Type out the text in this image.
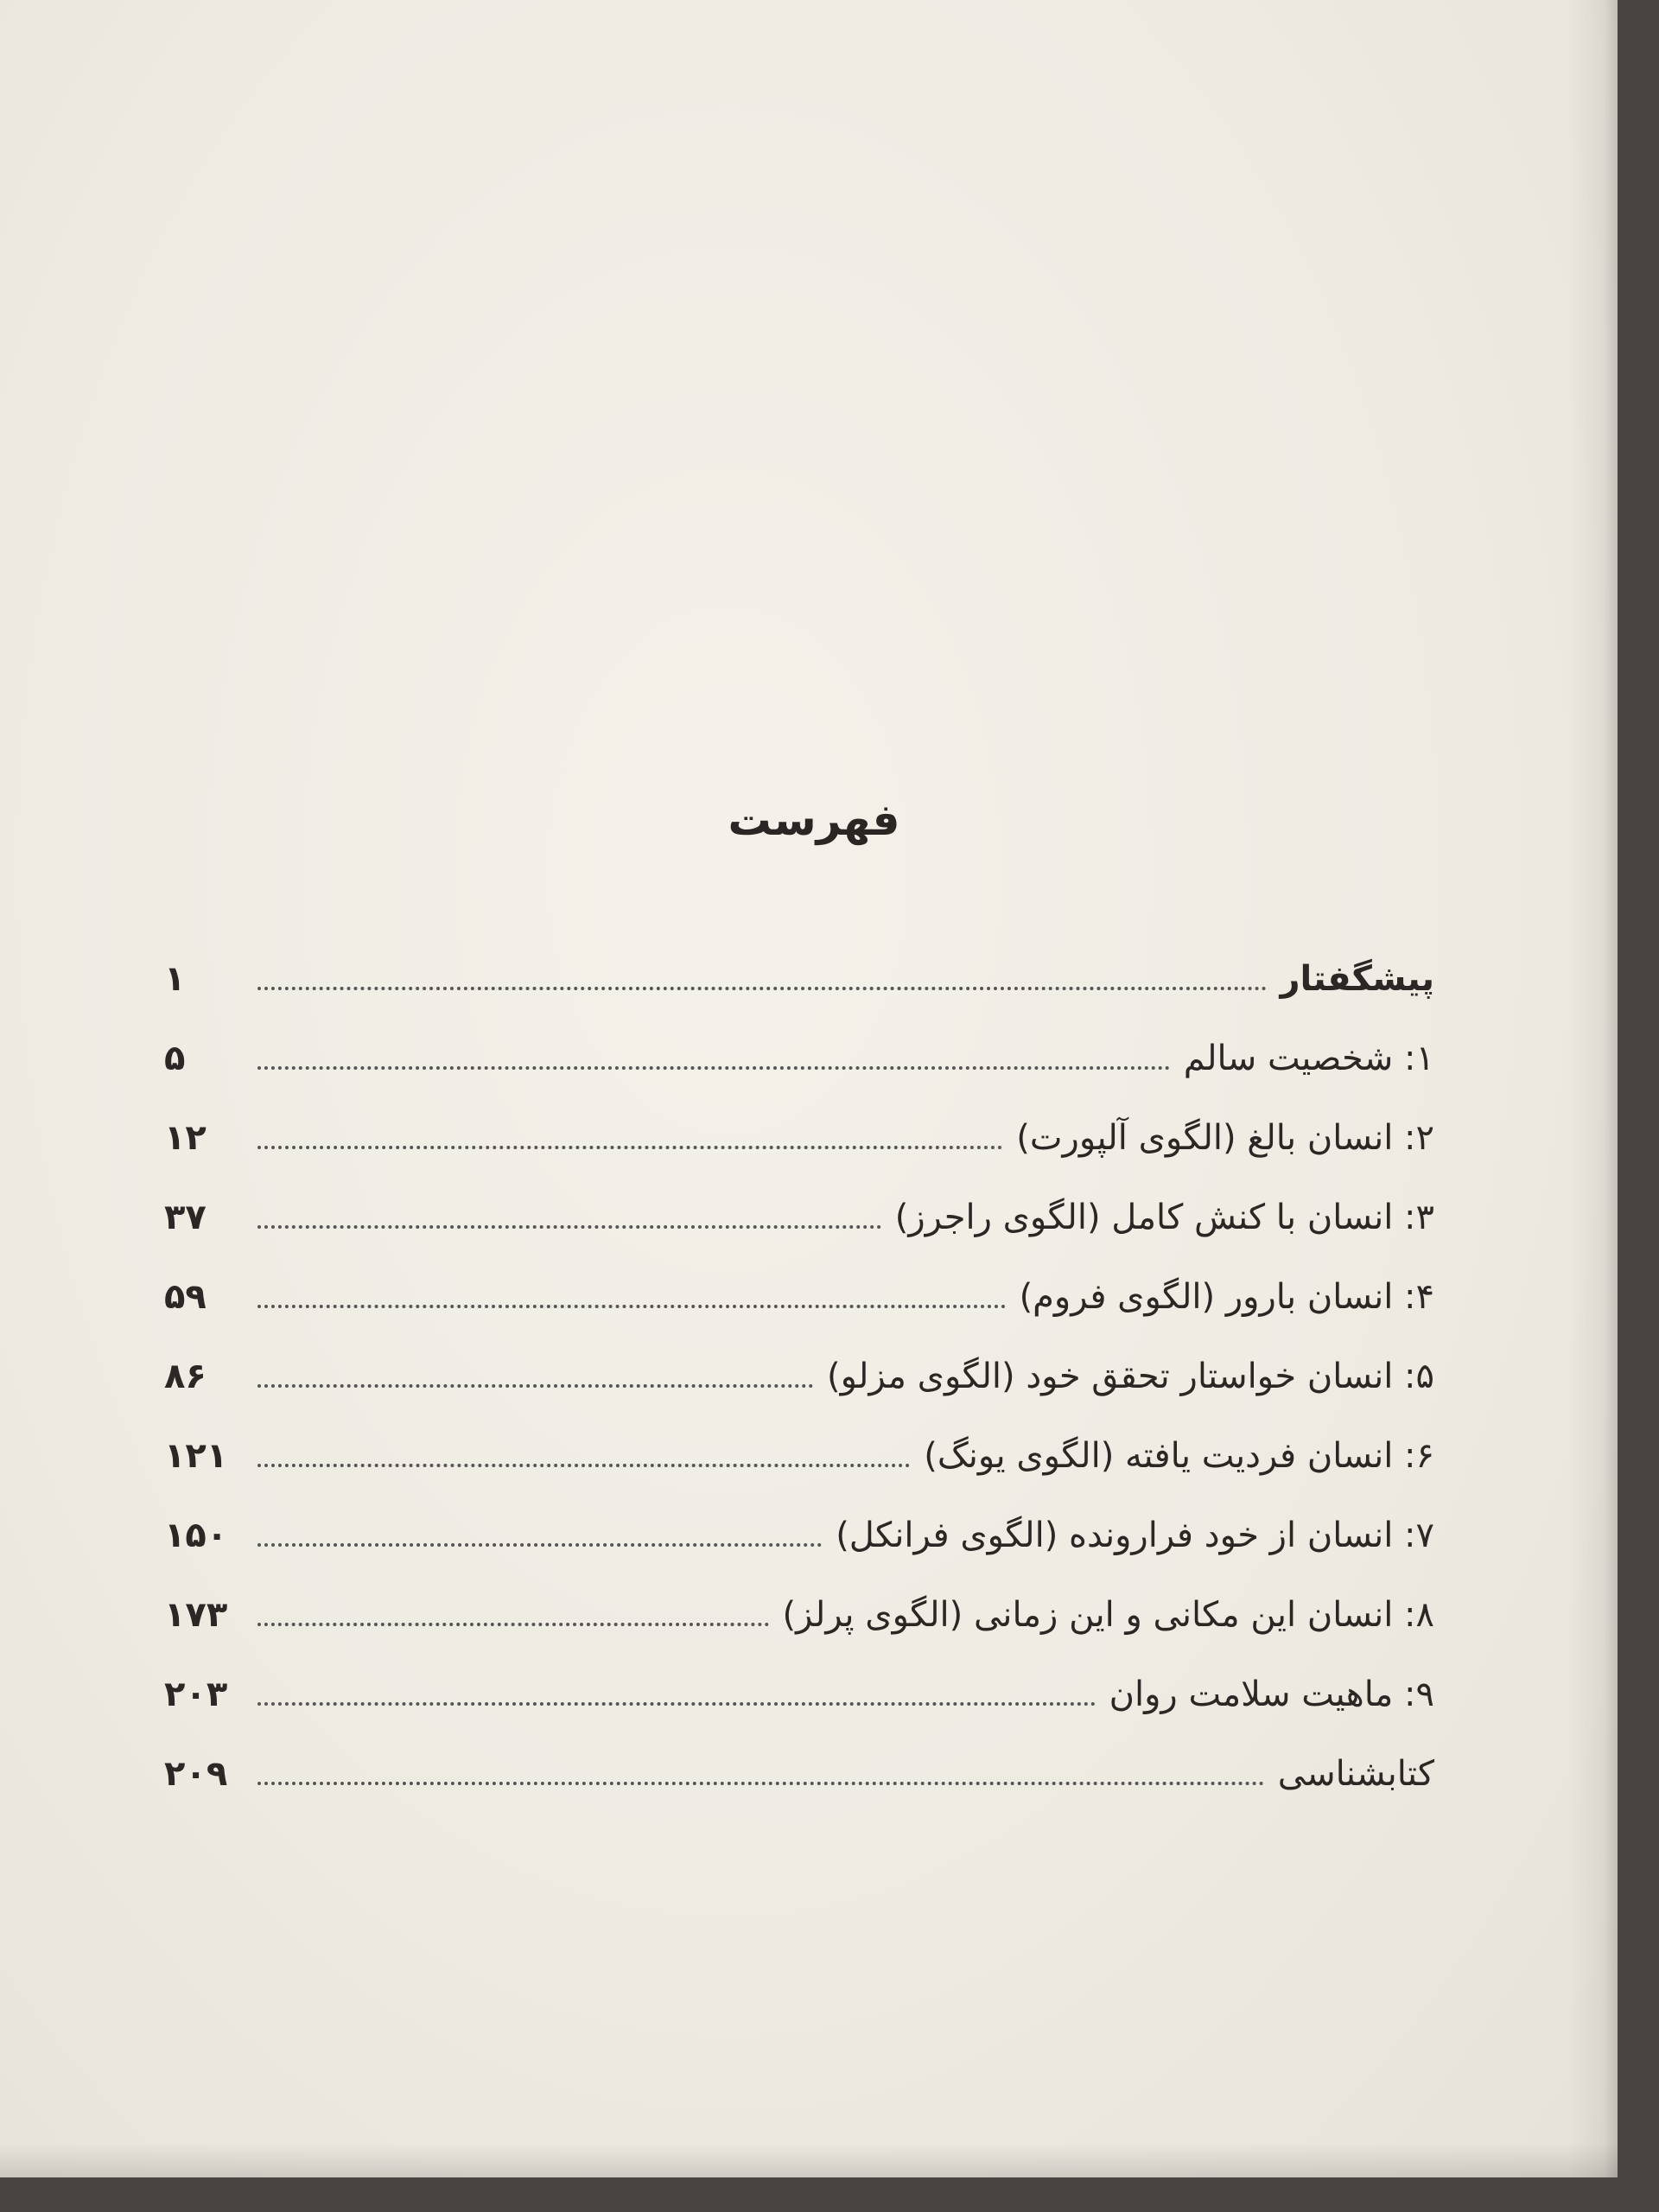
فهرست
پیشگفتار
۱
۱: شخصیت سالم
۵
۲: انسان بالغ (الگوی آلپورت)
۱۲
۳: انسان با کنش کامل (الگوی راجرز)
۳۷
۴: انسان بارور (الگوی فروم)
۵۹
۵: انسان خواستار تحقق خود (الگوی مزلو)
۸۶
۶: انسان فردیت یافته (الگوی یونگ)
۱۲۱
۷: انسان از خود فرارونده (الگوی فرانکل)
۱۵۰
۸: انسان این مکانی و این زمانی (الگوی پرلز)
۱۷۳
۹: ماهیت سلامت روان
۲۰۳
کتابشناسی
۲۰۹
